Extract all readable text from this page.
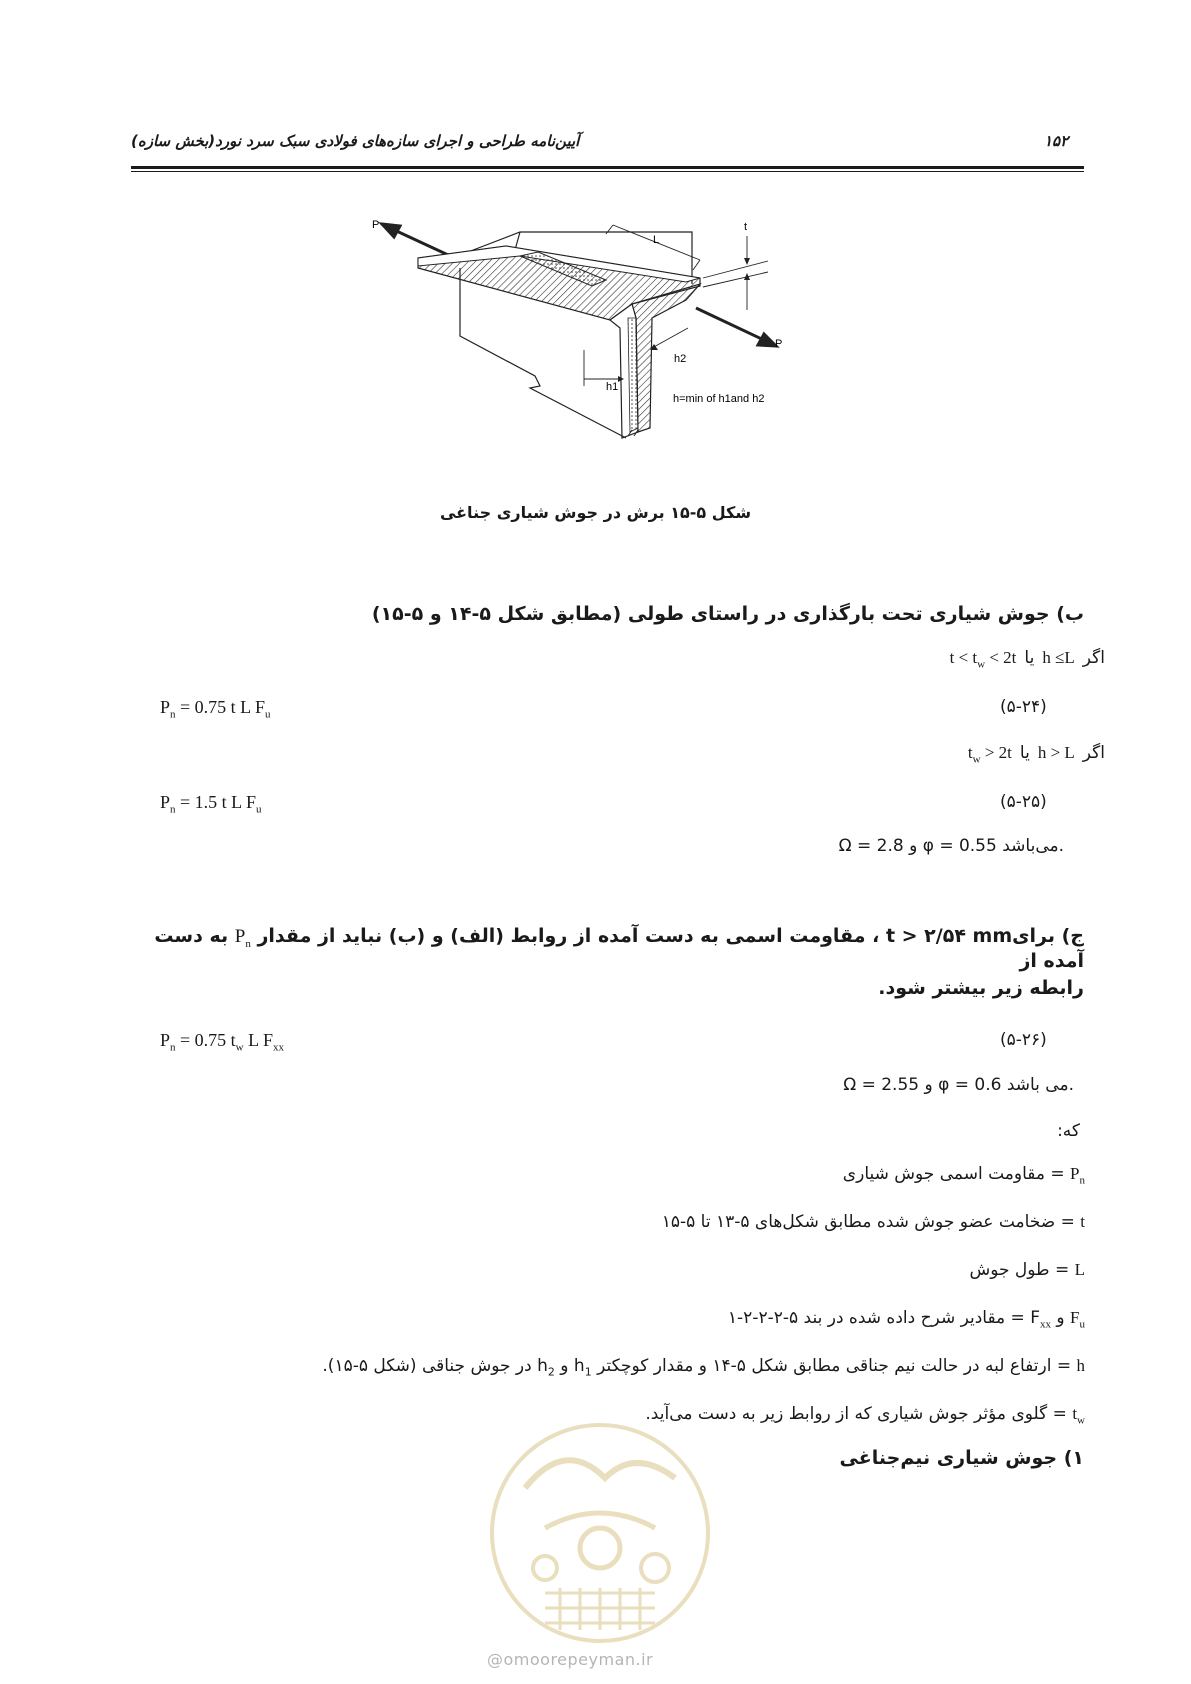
۱۵۲
آیین‌نامه طراحی و اجرای سازه‌های فولادی سبک سرد نورد(بخش سازه)
P
P
L
t
h1
h2
h=min of h1and h2
شکل ۵-۱۵ برش در جوش شیاری جناغی
ب) جوش شیاری تحت بارگذاری در راستای طولی (مطابق شکل ۵-۱۴ و ۵-۱۵)
$t < t_w < 2t$ یا h ≤L اگر
(۵-۲۴)
$P_n = 0.75$ t L $F_u$
$t_w > 2t$ یا h > L اگر
(۵-۲۵)
$P_n = 1.5$ t L $F_u$
Ω = 2.8 و φ = 0.55 می‌باشد.
ج) برایt > ۲/۵۴ mm ، مقاومت اسمی به دست آمده از روابط (الف) و (ب) نباید از مقدار $P_n$ به دست آمده از
رابطه زیر بیشتر شود.
(۵-۲۶)
$P_n = 0.75$ $t_w$ L $F_{xx}$
Ω = 2.55 و φ = 0.6 می باشد.
که:
$P_n$ = مقاومت اسمی جوش شیاری
t = ضخامت عضو جوش شده مطابق شکل‌های ۵-۱۳ تا ۵-۱۵
L = طول جوش
$F_u$ و $F_{xx}$ = مقادیر شرح داده شده در بند ۵-۲-۲-۲-۱
h = ارتفاع لبه در حالت نیم جناقی مطابق شکل ۵-۱۴ و مقدار کوچکتر $h_1$ و $h_2$ در جوش جناقی (شکل ۵-۱۵).
$t_w$ = گلوی مؤثر جوش شیاری که از روابط زیر به دست می‌آید.
۱) جوش شیاری نیم‌جناغی
@omoorepeyman.ir
